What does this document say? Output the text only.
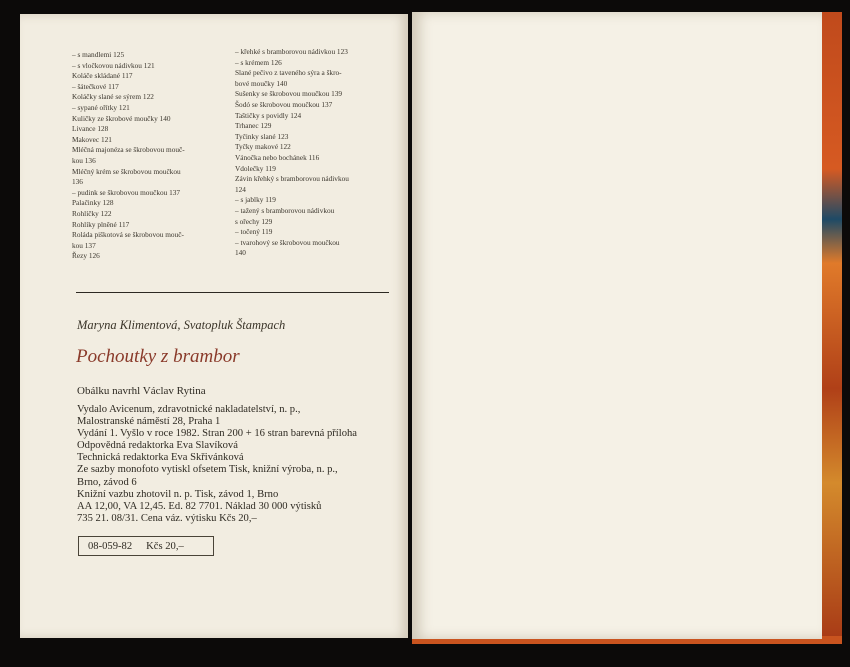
– s mandlemi 125
– s vločkovou nádivkou 121
Koláče skládané 117
– šátečkové 117
Koláčky slané se sýrem 122
– sypané ořítky 121
Kuličky ze škrobové moučky 140
Livance 128
Makovec 121
Mléčná majonéza se škrobovou mouč-
kou 136
Mléčný krém se škrobovou moučkou
136
– pudink se škrobovou moučkou 137
Palačinky 128
Rohlíčky 122
Rohlíky plněné 117
Roláda piškotová se škrobovou mouč-
kou 137
Řezy 126
– křehké s bramborovou nádivkou 123
– s krémem 126
Slané pečivo z taveného sýra a škro-
bové moučky 140
Sušenky se škrobovou moučkou 139
Šodó se škrobovou moučkou 137
Taštičky s povidly 124
Trhanec 129
Tyčinky slané 123
Tyčky makové 122
Vánočka nebo bochánek 116
Vdolečky 119
Závin křehký s bramborovou nádivkou
124
– s jablky 119
– tažený s bramborovou nádivkou
s ořechy 129
– točený 119
– tvarohový se škrobovou moučkou
140
Maryna Klimentová, Svatopluk Štampach
Pochoutky z brambor
Obálku navrhl Václav Rytina
Vydalo Avicenum, zdravotnické nakladatelství, n. p.,
Malostranské náměstí 28, Praha 1
Vydání 1. Vyšlo v roce 1982. Stran 200 + 16 stran barevná příloha
Odpovědná redaktorka Eva Slavíková
Technická redaktorka Eva Skřivánková
Ze sazby monofoto vytiskl ofsetem Tisk, knižní výroba, n. p.,
Brno, závod 6
Knižní vazbu zhotovil n. p. Tisk, závod 1, Brno
AA 12,00, VA 12,45. Ed. 82 7701. Náklad 30 000 výtisků
735 21. 08/31. Cena váz. výtisku Kčs 20,–
08-059-82 Kčs 20,–
